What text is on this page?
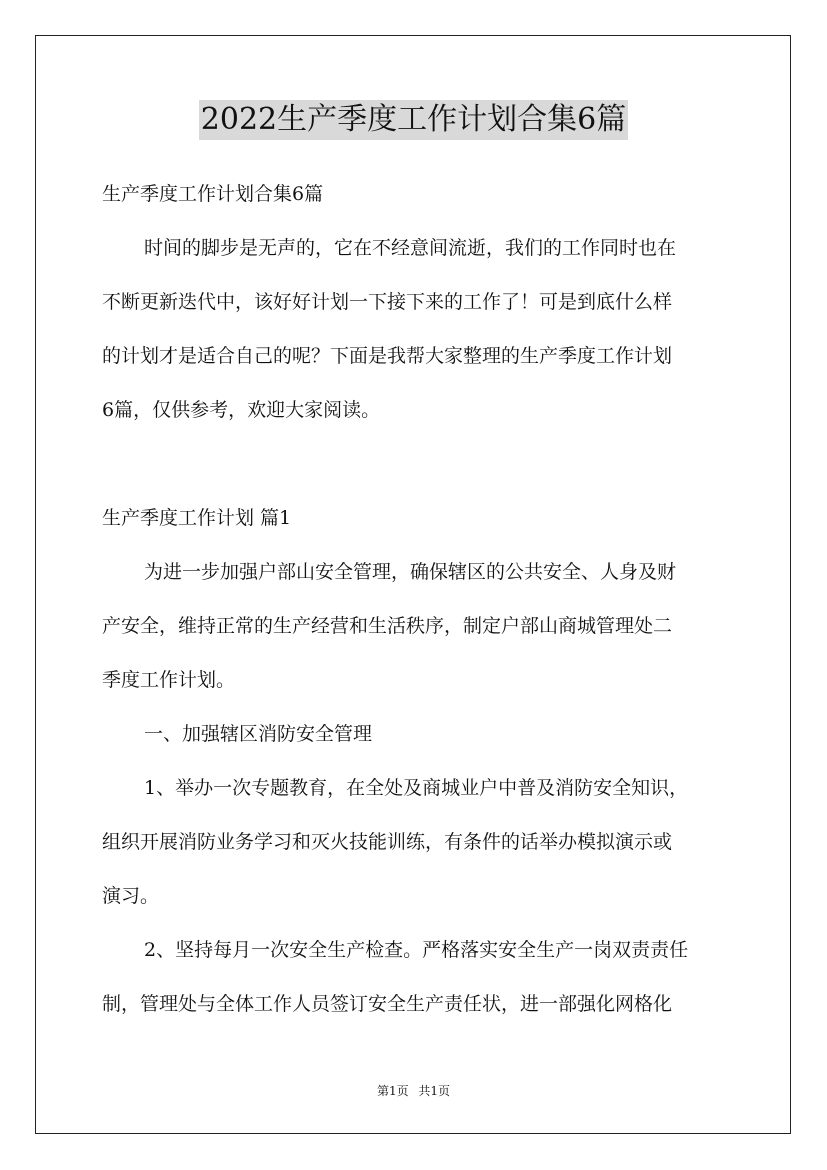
2022生产季度工作计划合集6篇
生产季度工作计划合集6篇
时间的脚步是无声的，它在不经意间流逝，我们的工作同时也在
不断更新迭代中，该好好计划一下接下来的工作了！可是到底什么样
的计划才是适合自己的呢？下面是我帮大家整理的生产季度工作计划
6篇，仅供参考，欢迎大家阅读。
生产季度工作计划 篇1
为进一步加强户部山安全管理，确保辖区的公共安全、人身及财
产安全，维持正常的生产经营和生活秩序，制定户部山商城管理处二
季度工作计划。
一、加强辖区消防安全管理
1、举办一次专题教育，在全处及商城业户中普及消防安全知识，
组织开展消防业务学习和灭火技能训练，有条件的话举办模拟演示或
演习。
2、坚持每月一次安全生产检查。严格落实安全生产一岗双责责任
制，管理处与全体工作人员签订安全生产责任状，进一部强化网格化
第1页 共1页
